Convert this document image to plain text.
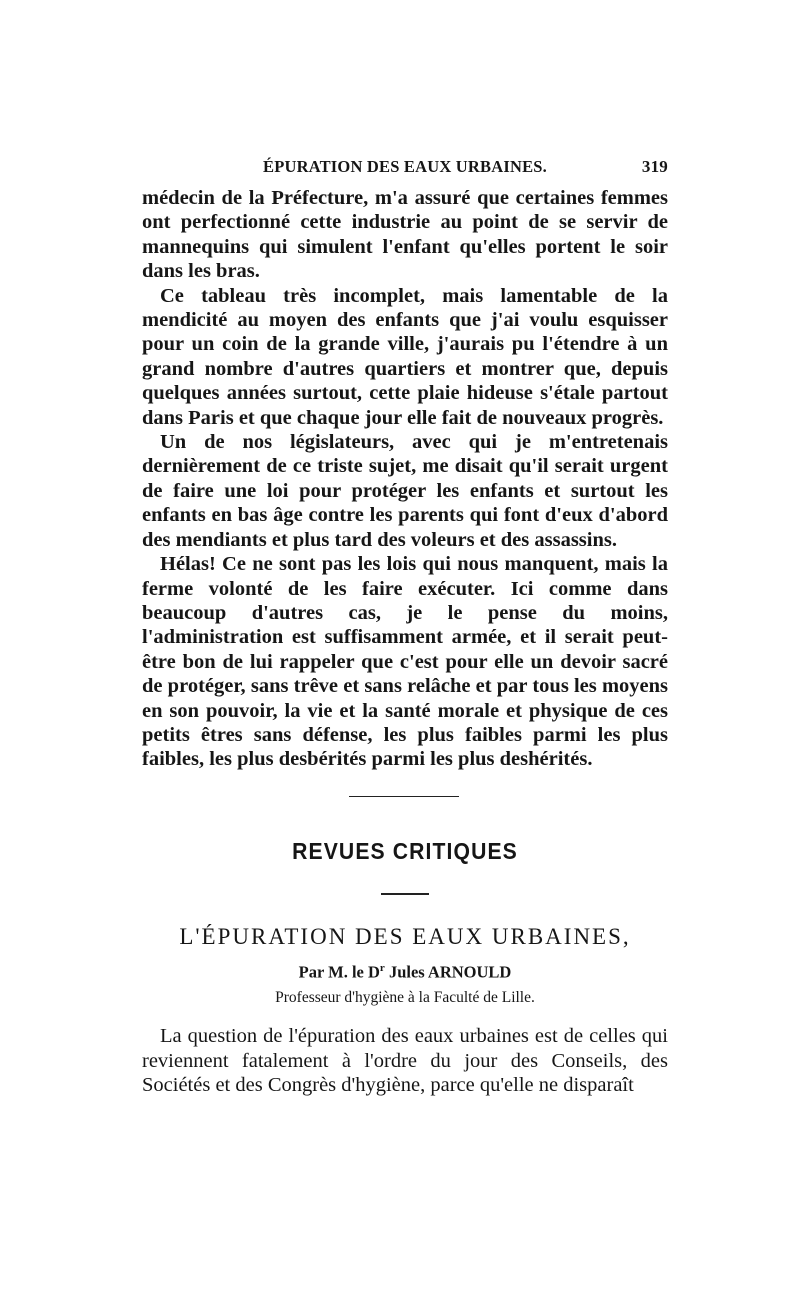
ÉPURATION DES EAUX URBAINES.	319

médecin de la Préfecture, m'a assuré que certaines femmes ont perfectionné cette industrie au point de se servir de mannequins qui simulent l'enfant qu'elles portent le soir dans les bras.

Ce tableau très incomplet, mais lamentable de la mendicité au moyen des enfants que j'ai voulu esquisser pour un coin de la grande ville, j'aurais pu l'étendre à un grand nombre d'autres quartiers et montrer que, depuis quelques années surtout, cette plaie hideuse s'étale partout dans Paris et que chaque jour elle fait de nouveaux progrès.

Un de nos législateurs, avec qui je m'entretenais dernièrement de ce triste sujet, me disait qu'il serait urgent de faire une loi pour protéger les enfants et surtout les enfants en bas âge contre les parents qui font d'eux d'abord des mendiants et plus tard des voleurs et des assassins.

Hélas! Ce ne sont pas les lois qui nous manquent, mais la ferme volonté de les faire exécuter. Ici comme dans beaucoup d'autres cas, je le pense du moins, l'administration est suffisamment armée, et il serait peut-être bon de lui rappeler que c'est pour elle un devoir sacré de protéger, sans trêve et sans relâche et par tous les moyens en son pouvoir, la vie et la santé morale et physique de ces petits êtres sans défense, les plus faibles parmi les plus faibles, les plus desbérités parmi les plus deshérités.

REVUES CRITIQUES
L'ÉPURATION DES EAUX URBAINES,
Par M. le $D^r$ Jules ARNOULD
Professeur d'hygiène à la Faculté de Lille.

La question de l'épuration des eaux urbaines est de celles qui reviennent fatalement à l'ordre du jour des Conseils, des Sociétés et des Congrès d'hygiène, parce qu'elle ne disparaît
